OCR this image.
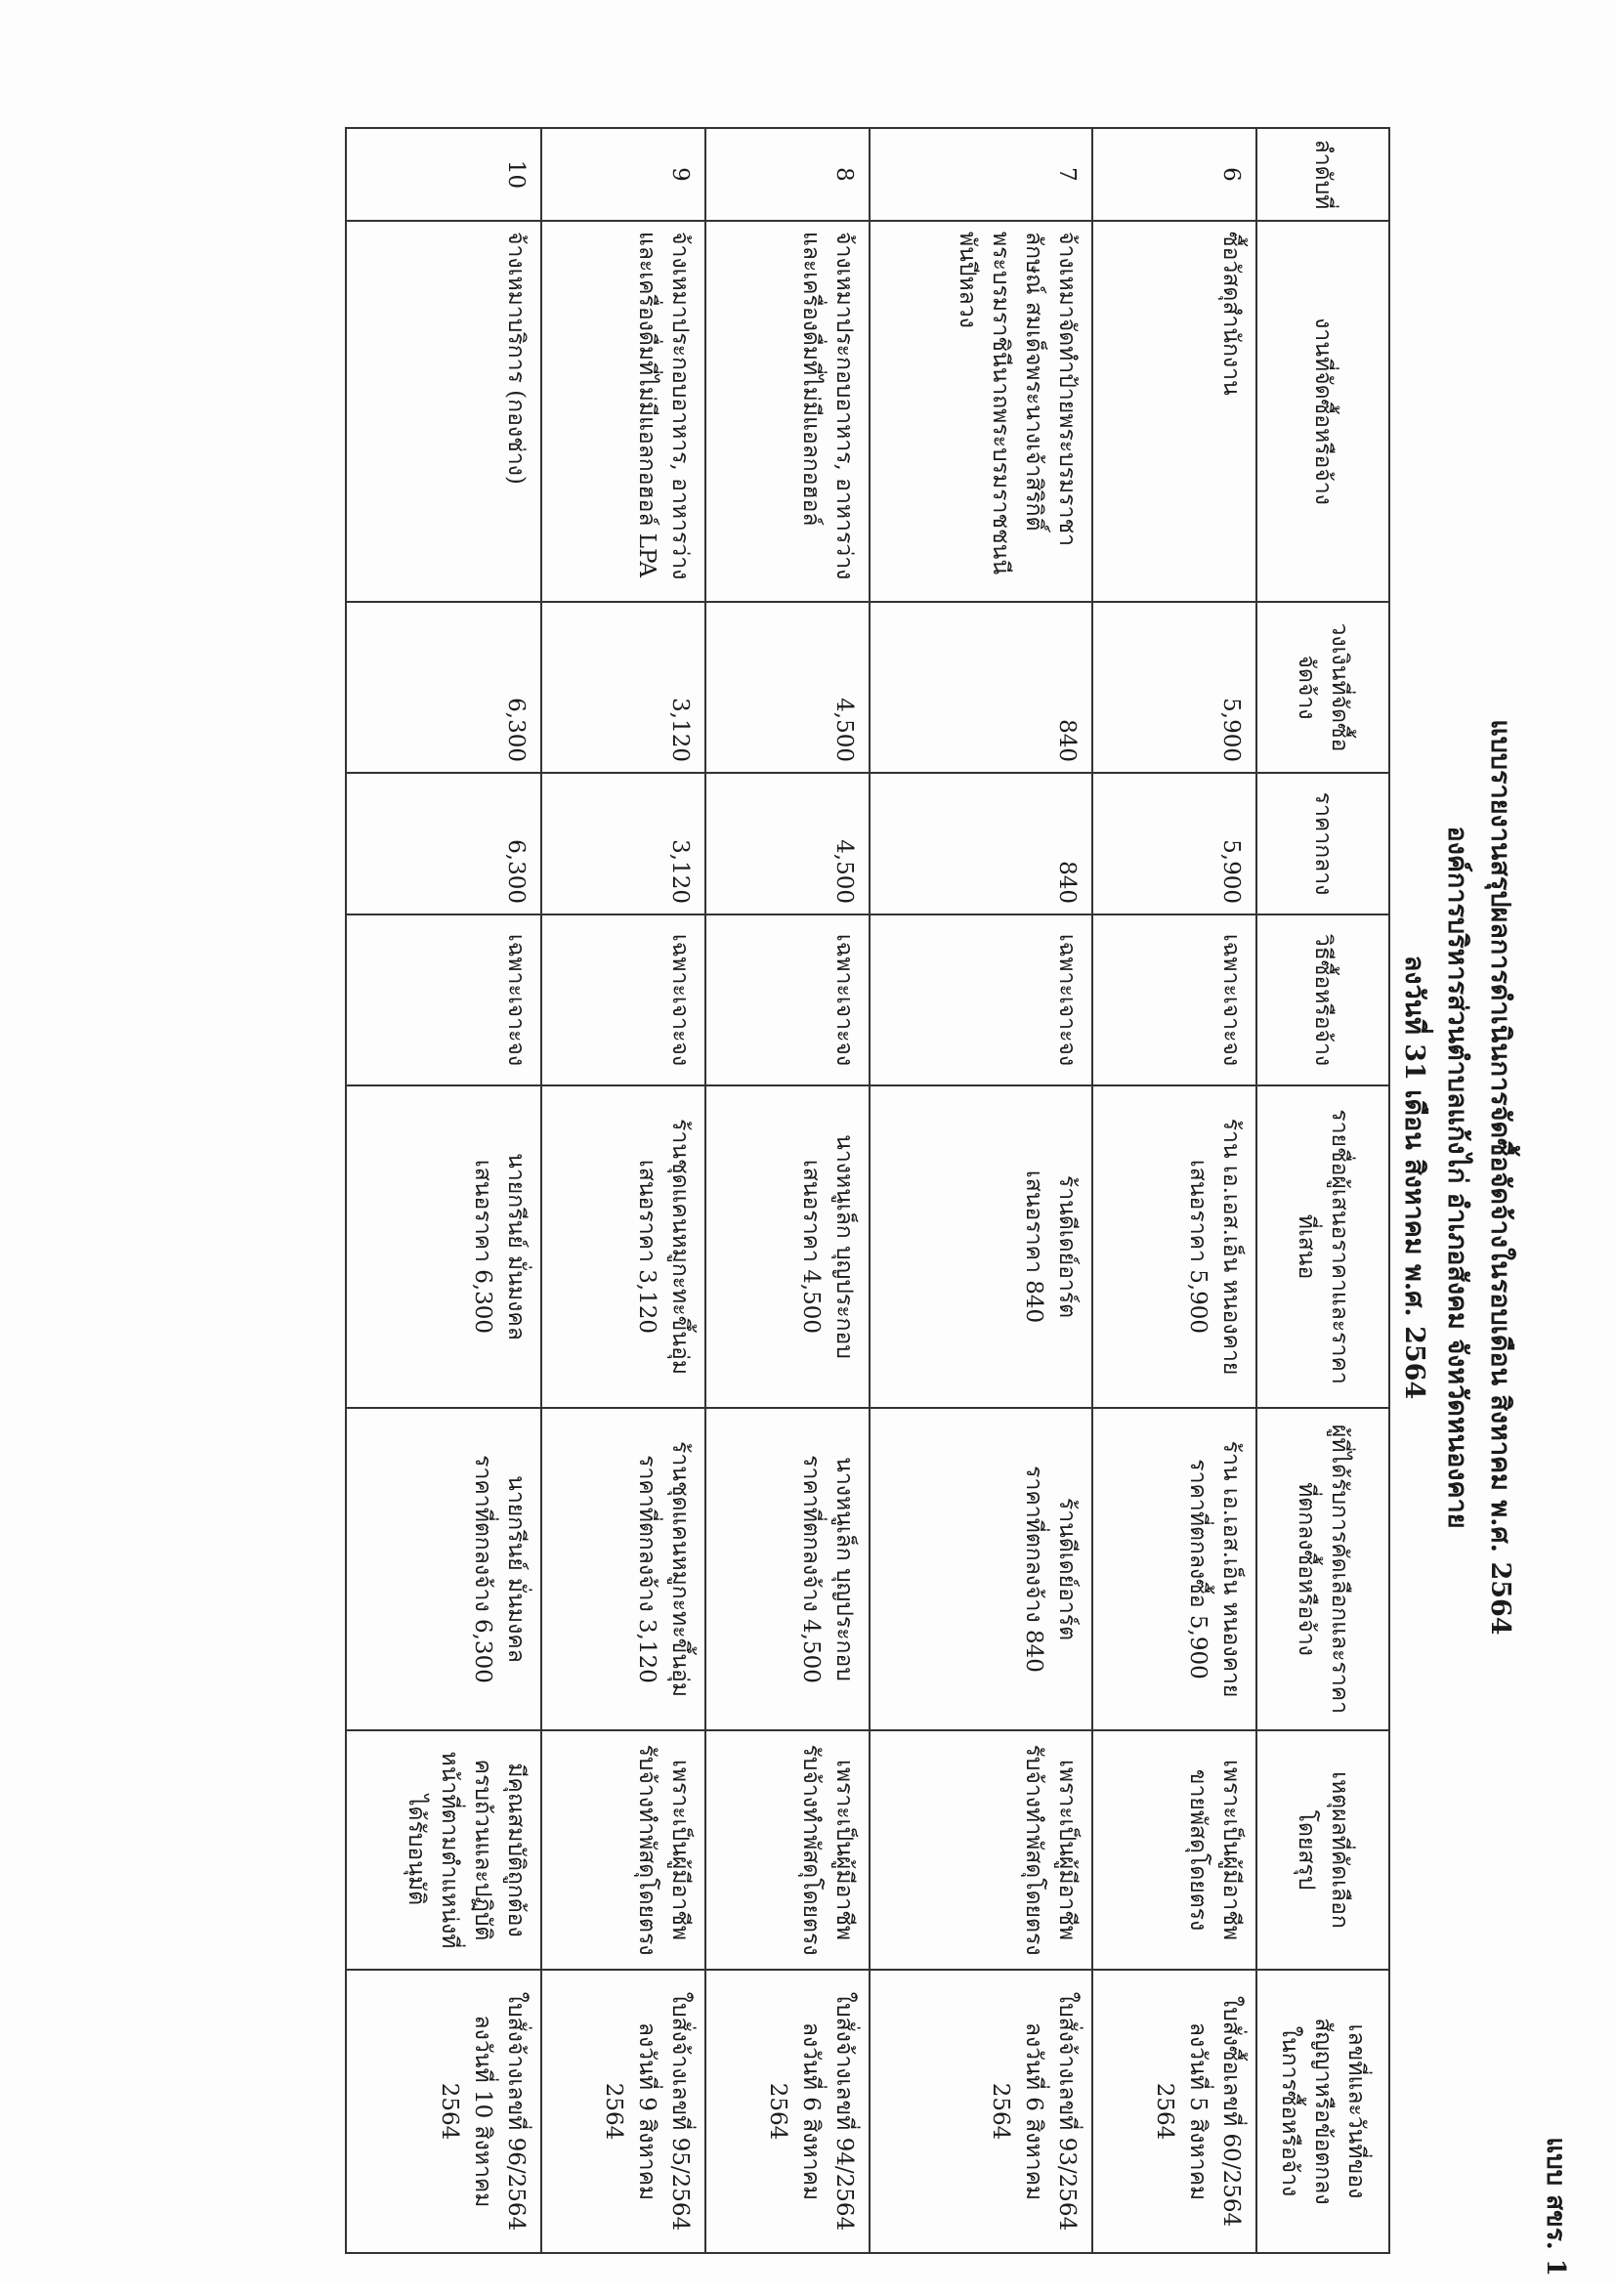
แบบ สขร. 1
แบบรายงานสรุปผลการดำเนินการจัดซื้อจัดจ้างในรอบเดือน สิงหาคม พ.ศ. 2564
องค์การบริหารส่วนตำบลแก้งไก่ อำเภอสังคม จังหวัดหนองคาย
ลงวันที่ 31 เดือน สิงหาคม พ.ศ. 2564
ลำดับที่	งานที่จัดซื้อหรือจ้าง	วงเงินที่จัดซื้อ
จัดจ้าง	ราคากลาง	วิธีซื้อหรือจ้าง	รายชื่อผู้เสนอราคาและราคา
ที่เสนอ	ผู้ที่ได้รับการคัดเลือกและราคา
ที่ตกลงซื้อหรือจ้าง	เหตุผลที่คัดเลือก
โดยสรุป	เลขที่และวันที่ของ
สัญญาหรือข้อตกลง
ในการซื้อหรือจ้าง

6	ซื้อวัสดุสำนักงาน	5,900	5,900	เฉพาะเจาะจง	ร้าน เอ.เอส.เอ็น หนองคาย
เสนอราคา 5,900	ร้าน เอ.เอส.เอ็น หนองคาย
ราคาที่ตกลงซื้อ 5,900	เพราะเป็นผู้มีอาชีพ
ขายพัสดุโดยตรง	ใบสั่งซื้อเลขที่ 60/2564
ลงวันที่ 5 สิงหาคม
2564

7	จ้างเหมาจัดทำป้ายพระบรมราชา
ลักษณ์ สมเด็จพระนางเจ้าสิริกิติ์
พระบรมราชินีนาถพระบรมราชชนนี
พันปีหลวง	840	840	เฉพาะเจาะจง	ร้านดีเดย์อาร์ต
เสนอราคา 840	ร้านดีเดย์อาร์ต
ราคาที่ตกลงจ้าง 840	เพราะเป็นผู้มีอาชีพ
รับจ้างทำพัสดุโดยตรง	ใบสั่งจ้างเลขที่ 93/2564
ลงวันที่ 6 สิงหาคม
2564

8	จ้างเหมาประกอบอาหาร, อาหารว่าง
และเครื่องดื่มที่ไม่มีแอลกอฮอล์	4,500	4,500	เฉพาะเจาะจง	นางหนูเล็ก บุญประกอบ
เสนอราคา 4,500	นางหนูเล็ก บุญประกอบ
ราคาที่ตกลงจ้าง 4,500	เพราะเป็นผู้มีอาชีพ
รับจ้างทำพัสดุโดยตรง	ใบสั่งจ้างเลขที่ 94/2564
ลงวันที่ 6 สิงหาคม
2564

9	จ้างเหมาประกอบอาหาร, อาหารว่าง
และเครื่องดื่มที่ไม่มีแอลกอฮอล์ LPA	3,120	3,120	เฉพาะเจาะจง	ร้านชุดแคนหมูกะทะขึ้นอุ่ม
เสนอราคา 3,120	ร้านชุดแคนหมูกะทะขึ้นอุ่ม
ราคาที่ตกลงจ้าง 3,120	เพราะเป็นผู้มีอาชีพ
รับจ้างทำพัสดุโดยตรง	ใบสั่งจ้างเลขที่ 95/2564
ลงวันที่ 9 สิงหาคม
2564

10	จ้างเหมาบริการ (กองช่าง)	6,300	6,300	เฉพาะเจาะจง	นายกรีนย์ มั่นมงคล
เสนอราคา 6,300	นายกรีนย์ มั่นมงคล
ราคาที่ตกลงจ้าง 6,300	มีคุณสมบัติถูกต้อง
ครบถ้วนและปฏิบัติ
หน้าที่ตามตำแหน่งที่
ได้รับอนุมัติ	ใบสั่งจ้างเลขที่ 96/2564
ลงวันที่ 10 สิงหาคม
2564
